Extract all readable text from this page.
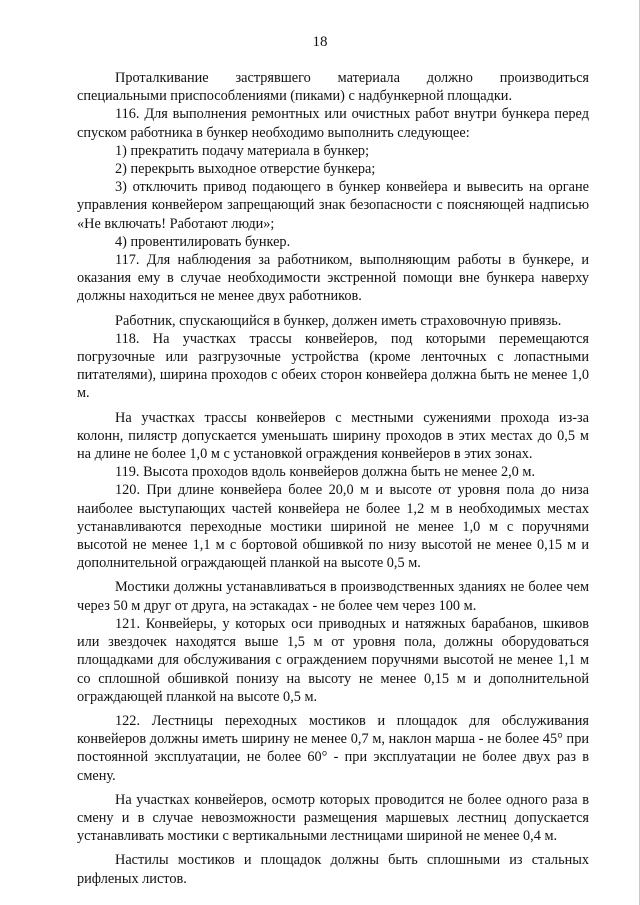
18

Проталкивание застрявшего материала должно производиться специальными приспособлениями (пиками) с надбункерной площадки.

116. Для выполнения ремонтных или очистных работ внутри бункера перед спуском работника в бункер необходимо выполнить следующее:

1) прекратить подачу материала в бункер;

2) перекрыть выходное отверстие бункера;

3) отключить привод подающего в бункер конвейера и вывесить на органе управления конвейером запрещающий знак безопасности с поясняющей надписью «Не включать! Работают люди»;

4) провентилировать бункер.

117. Для наблюдения за работником, выполняющим работы в бункере, и оказания ему в случае необходимости экстренной помощи вне бункера наверху должны находиться не менее двух работников.

Работник, спускающийся в бункер, должен иметь страховочную привязь.

118. На участках трассы конвейеров, под которыми перемещаются погрузочные или разгрузочные устройства (кроме ленточных с лопастными питателями), ширина проходов с обеих сторон конвейера должна быть не менее 1,0 м.

На участках трассы конвейеров с местными сужениями прохода из-за колонн, пилястр допускается уменьшать ширину проходов в этих местах до 0,5 м на длине не более 1,0 м с установкой ограждения конвейеров в этих зонах.

119. Высота проходов вдоль конвейеров должна быть не менее 2,0 м.

120. При длине конвейера более 20,0 м и высоте от уровня пола до низа наиболее выступающих частей конвейера не более 1,2 м в необходимых местах устанавливаются переходные мостики шириной не менее 1,0 м с поручнями высотой не менее 1,1 м с бортовой обшивкой по низу высотой не менее 0,15 м и дополнительной ограждающей планкой на высоте 0,5 м.

Мостики должны устанавливаться в производственных зданиях не более чем через 50 м друг от друга, на эстакадах - не более чем через 100 м.

121. Конвейеры, у которых оси приводных и натяжных барабанов, шкивов или звездочек находятся выше 1,5 м от уровня пола, должны оборудоваться площадками для обслуживания с ограждением поручнями высотой не менее 1,1 м со сплошной обшивкой понизу на высоту не менее 0,15 м и дополнительной ограждающей планкой на высоте 0,5 м.

122. Лестницы переходных мостиков и площадок для обслуживания конвейеров должны иметь ширину не менее 0,7 м, наклон марша - не более 45° при постоянной эксплуатации, не более 60° - при эксплуатации не более двух раз в смену.

На участках конвейеров, осмотр которых проводится не более одного раза в смену и в случае невозможности размещения маршевых лестниц допускается устанавливать мостики с вертикальными лестницами шириной не менее 0,4 м.

Настилы мостиков и площадок должны быть сплошными из стальных рифленых листов.
